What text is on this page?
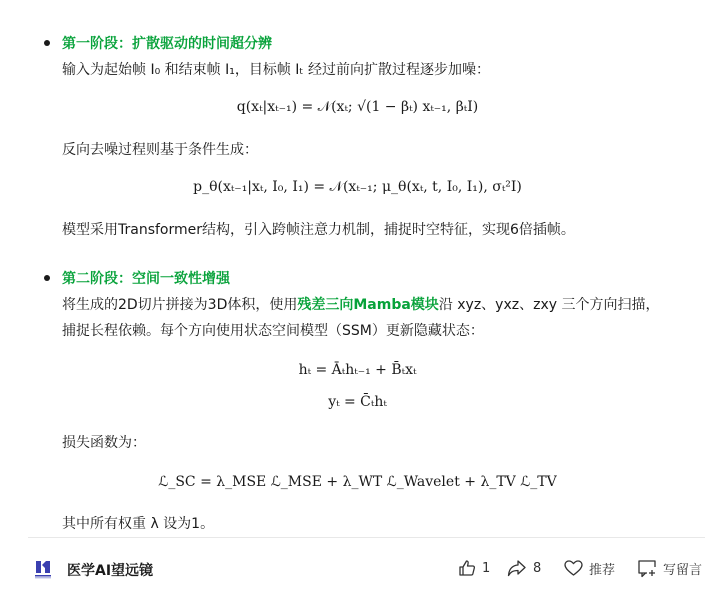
第一阶段：扩散驱动的时间超分辨
输入为起始帧 I₀ 和结束帧 I₁，目标帧 Iₜ 经过前向扩散过程逐步加噪：
q(xₜ|xₜ₋₁) = 𝒩(xₜ; √(1 − βₜ) xₜ₋₁, βₜI)
反向去噪过程则基于条件生成：
p_θ(xₜ₋₁|xₜ, I₀, I₁) = 𝒩(xₜ₋₁; μ_θ(xₜ, t, I₀, I₁), σₜ²I)
模型采用Transformer结构，引入跨帧注意力机制，捕捉时空特征，实现6倍插帧。
第二阶段：空间一致性增强
将生成的2D切片拼接为3D体积，使用残差三向Mamba模块沿 xyz、yxz、zxy 三个方向扫描，
捕捉长程依赖。每个方向使用状态空间模型（SSM）更新隐藏状态：
hₜ = Āₜhₜ₋₁ + B̄ₜxₜ
yₜ = C̄ₜhₜ
损失函数为：
ℒ_SC = λ_MSE ℒ_MSE + λ_WT ℒ_Wavelet + λ_TV ℒ_TV
其中所有权重 λ 设为1。
医学AI望远镜	1	8	推荐	写留言
